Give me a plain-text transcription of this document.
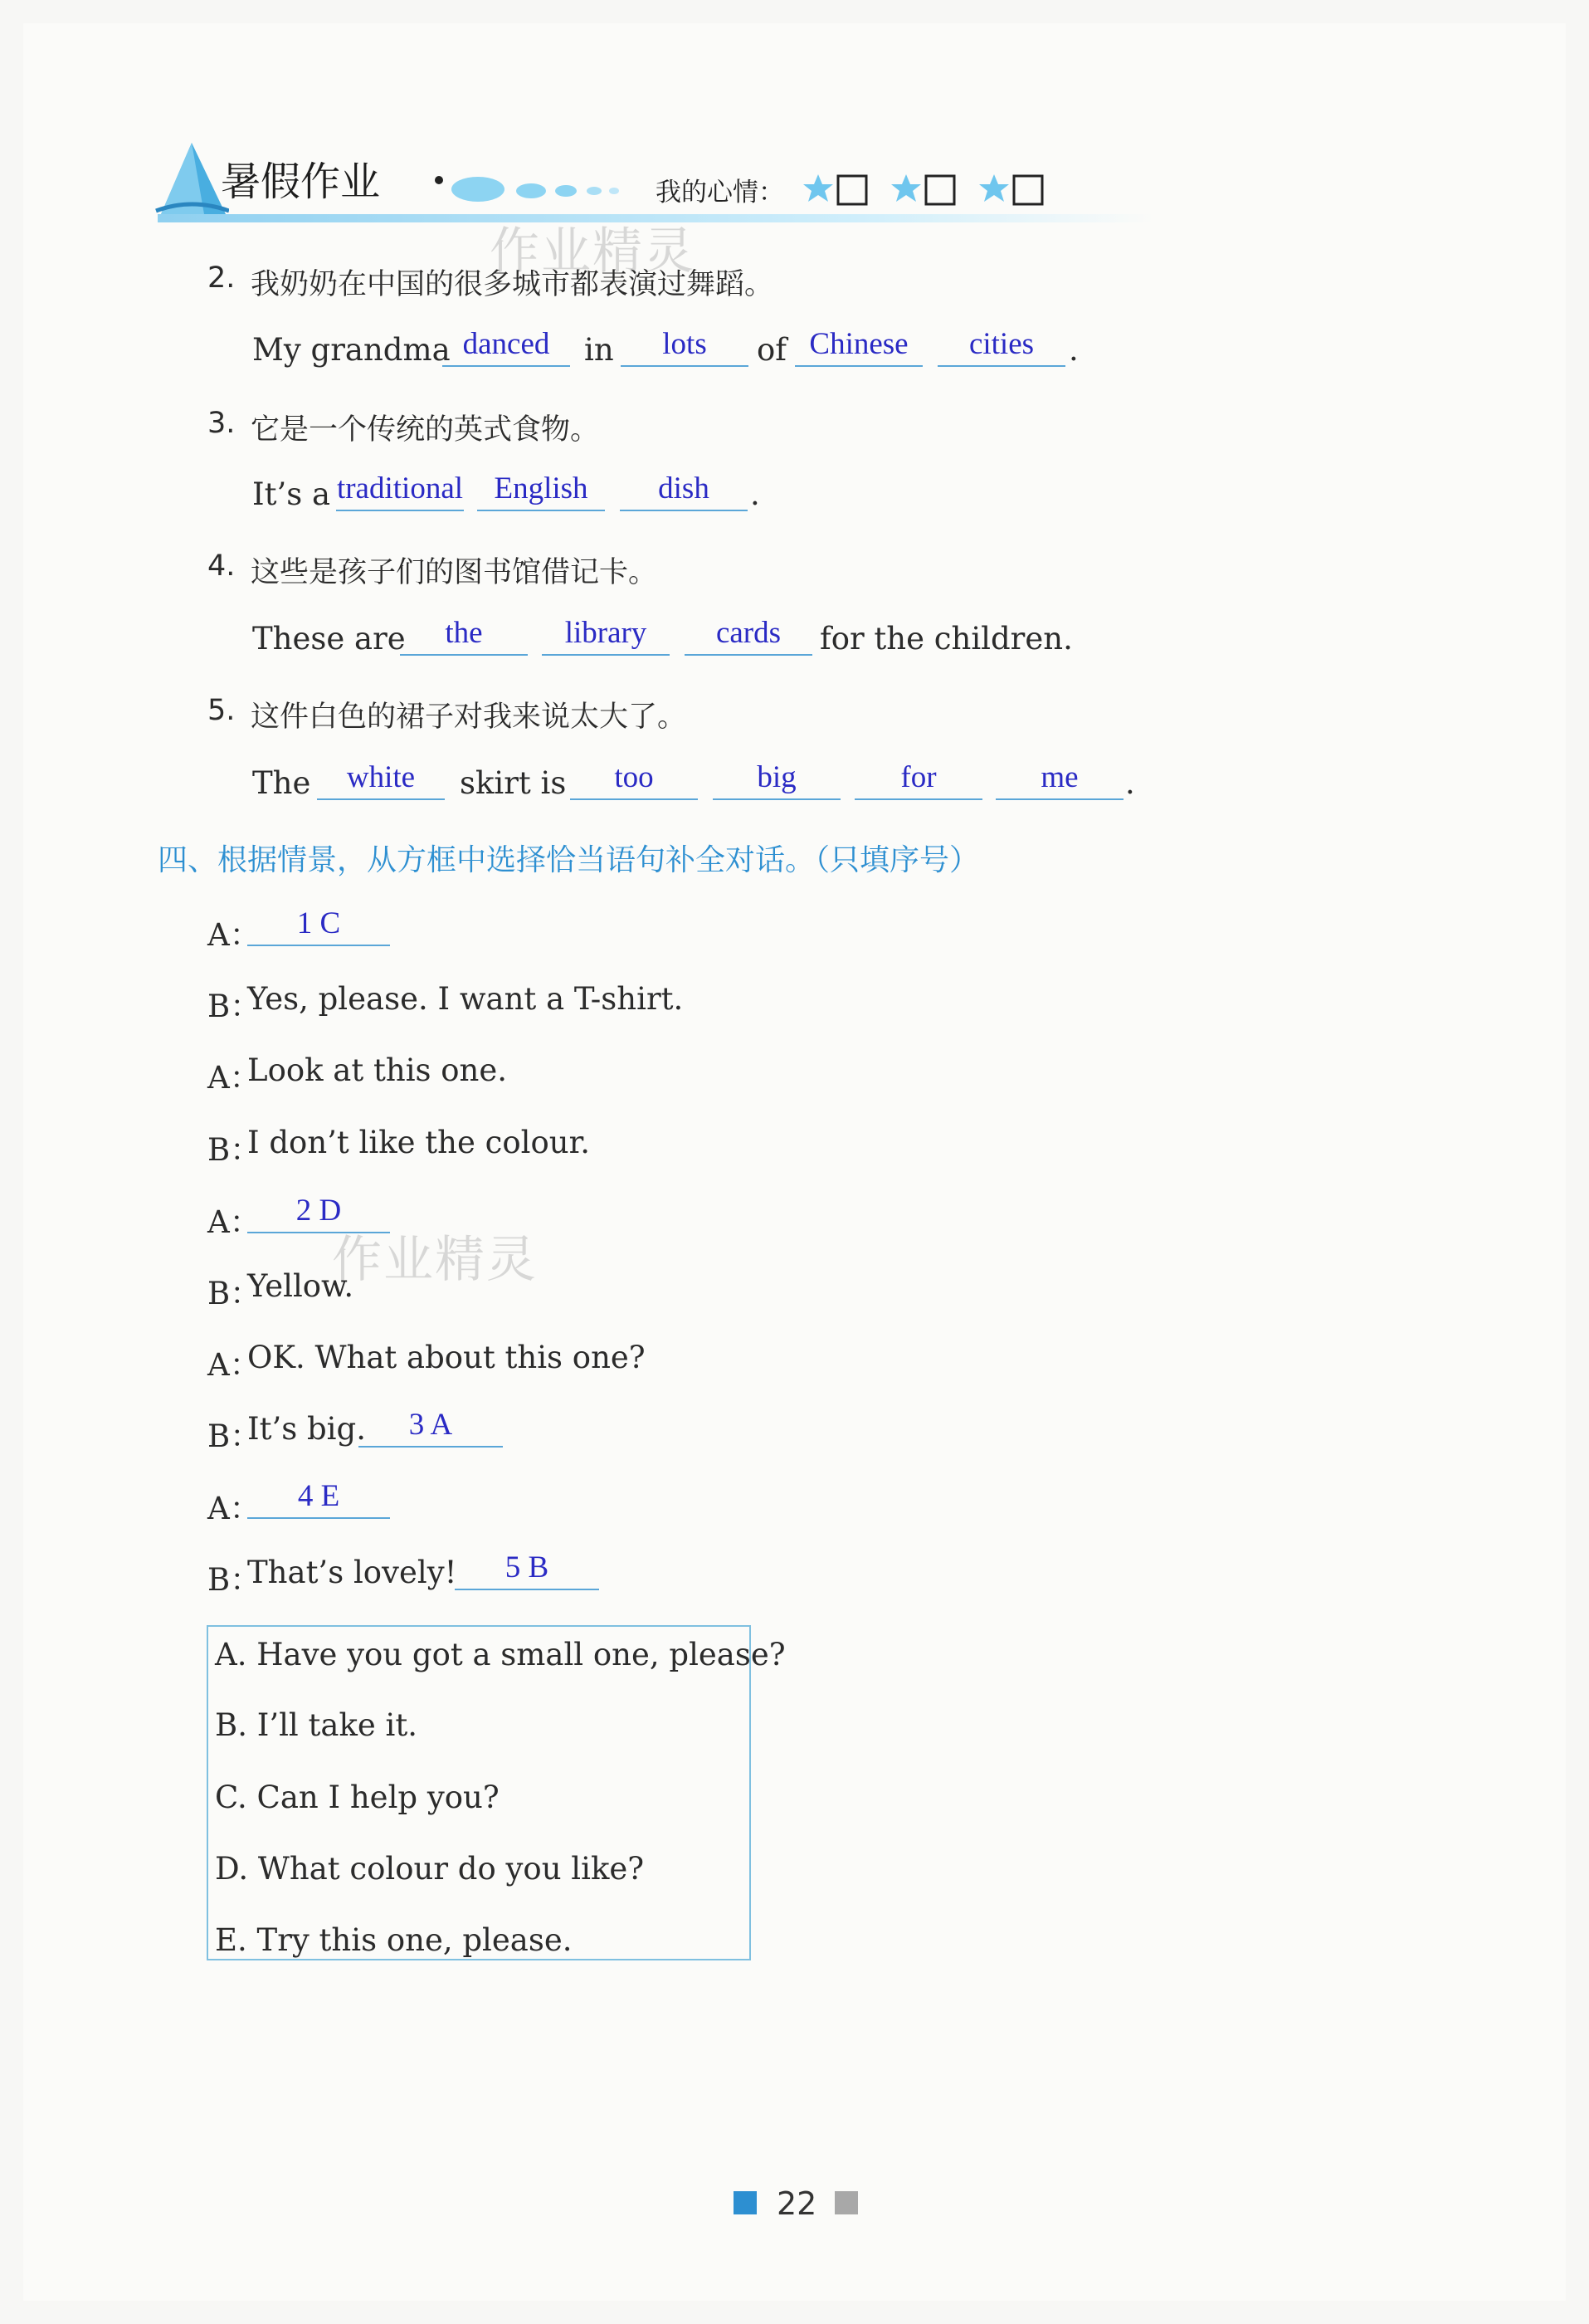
暑假作业	我的心情：
作业精灵
作业精灵
2. 我奶奶在中国的很多城市都表演过舞蹈。
My grandma danced	in	lots	of Chinese	cities	.
3. 它是一个传统的英式食物。
It’s a traditional	English	dish	.
4. 这些是孩子们的图书馆借记卡。
These are	the	library	cards	for the children.
5. 这件白色的裙子对我来说太大了。
The	white	skirt is	too	big	for	me	.
四、根据情景，从方框中选择恰当语句补全对话。（只填序号）
A：	1 C
B：
Yes, please. I want a T-shirt.
A：
Look at this one.
B：
I don’t like the colour.
A：	2 D
B：
Yellow.
A：
OK. What about this one?
B：
It’s big.	3 A
A：	4 E
B：
That’s lovely!	5 B
A. Have you got a small one, please?
B. I’ll take it.
C. Can I help you?
D. What colour do you like?
E. Try this one, please.
22
